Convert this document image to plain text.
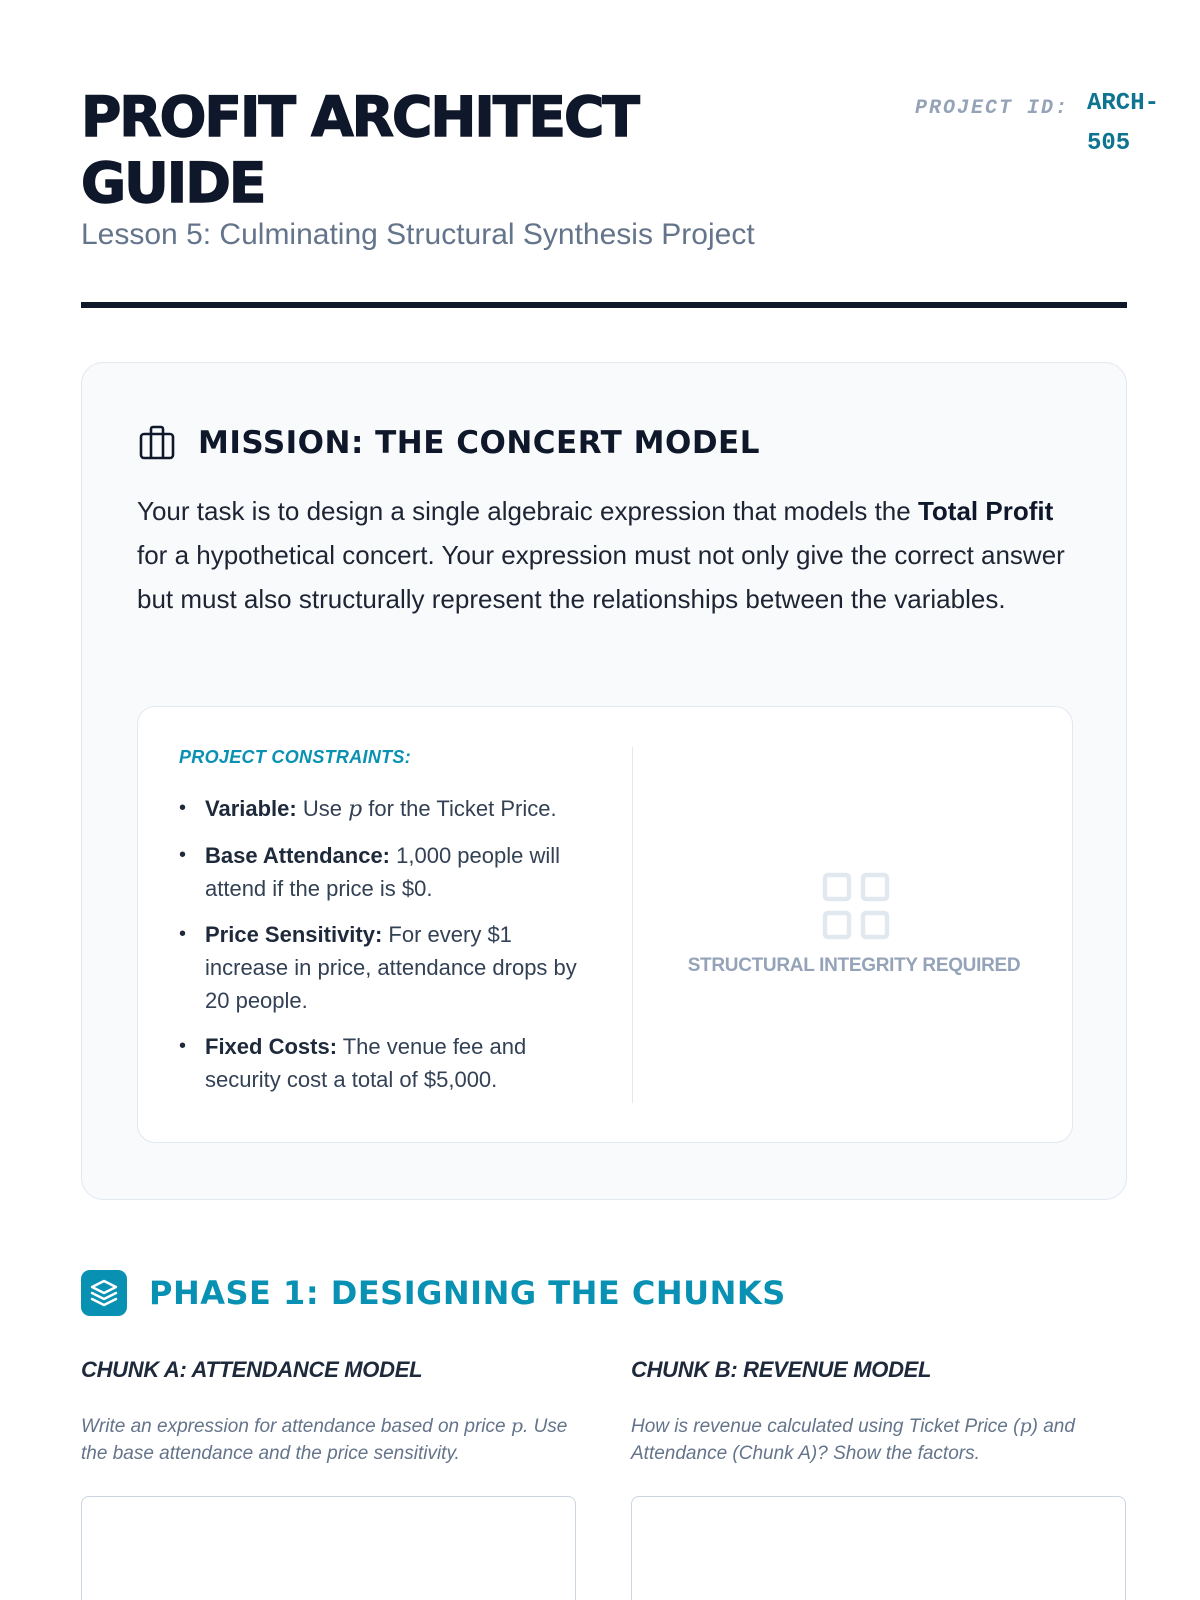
PROFIT ARCHITECT GUIDE
Lesson 5: Culminating Structural Synthesis Project
PROJECT ID: ARCH-505
MISSION: THE CONCERT MODEL

Your task is to design a single algebraic expression that models the Total Profit for a hypothetical concert. Your expression must not only give the correct answer but must also structurally represent the relationships between the variables.

PROJECT CONSTRAINTS:
• Variable: Use p for the Ticket Price.
• Base Attendance: 1,000 people will attend if the price is $0.
• Price Sensitivity: For every $1 increase in price, attendance drops by 20 people.
• Fixed Costs: The venue fee and security cost a total of $5,000.
STRUCTURAL INTEGRITY REQUIRED
PHASE 1: DESIGNING THE CHUNKS
CHUNK A: ATTENDANCE MODEL

Write an expression for attendance based on price p. Use the base attendance and the price sensitivity.

CHUNK B: REVENUE MODEL

How is revenue calculated using Ticket Price (p) and Attendance (Chunk A)? Show the factors.
